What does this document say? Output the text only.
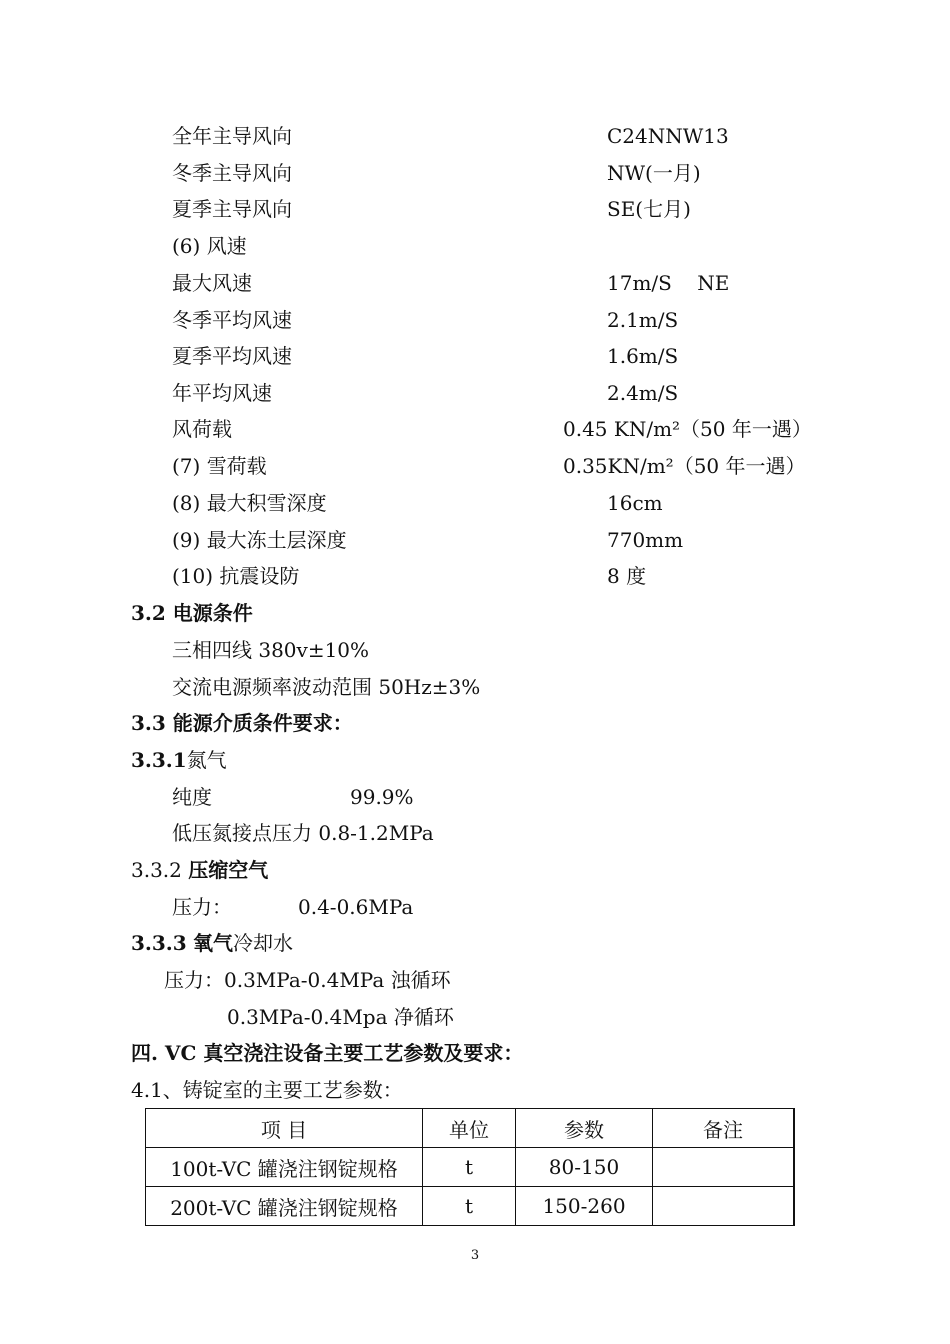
全年主导风向	C24NNW13
冬季主导风向	NW(一月)
夏季主导风向	SE(七月)
(6) 风速
最大风速	17m/S    NE
冬季平均风速	2.1m/S
夏季平均风速	1.6m/S
年平均风速	2.4m/S
风荷载	0.45 KN/m²（50 年一遇）
(7) 雪荷载	0.35KN/m²（50 年一遇）
(8) 最大积雪深度	16cm
(9) 最大冻土层深度	770mm
(10) 抗震设防	8 度
3.2 电源条件
三相四线 380v±10%
交流电源频率波动范围 50Hz±3%
3.3 能源介质条件要求：
3.3.1氮气
纯度	99.9%
低压氮接点压力 0.8-1.2MPa
3.3.2 压缩空气
压力：	0.4-0.6MPa
3.3.3 氧气冷却水
压力：0.3MPa-0.4MPa 浊循环
0.3MPa-0.4Mpa 净循环
四. VC 真空浇注设备主要工艺参数及要求：
4.1、铸锭室的主要工艺参数：
项 目	单位	参数	备注
100t-VC 罐浇注钢锭规格	t	80-150	
200t-VC 罐浇注钢锭规格	t	150-260	
3
